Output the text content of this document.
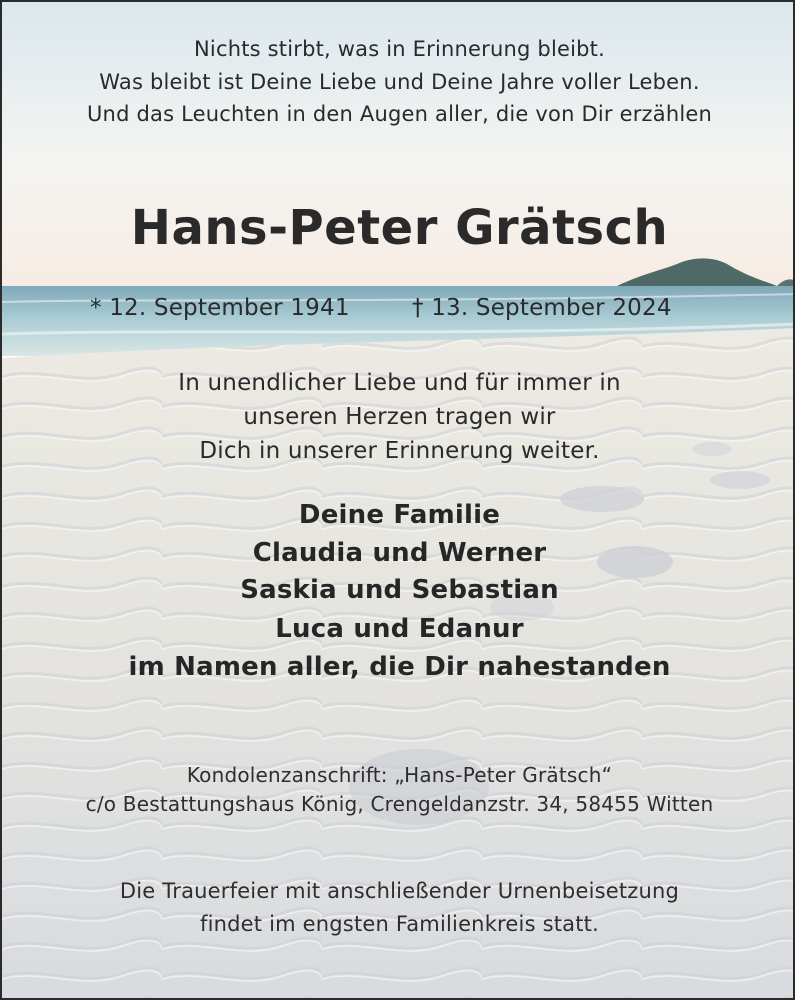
Nichts stirbt, was in Erinnerung bleibt.
Was bleibt ist Deine Liebe und Deine Jahre voller Leben.
Und das Leuchten in den Augen aller, die von Dir erzählen
Hans-Peter Grätsch
* 12. September 1941	† 13. September 2024
In unendlicher Liebe und für immer in
unseren Herzen tragen wir
Dich in unserer Erinnerung weiter.
Deine Familie
Claudia und Werner
Saskia und Sebastian
Luca und Edanur
im Namen aller, die Dir nahestanden
Kondolenzanschrift: „Hans-Peter Grätsch“
c/o Bestattungshaus König, Crengeldanzstr. 34, 58455 Witten
Die Trauerfeier mit anschließender Urnenbeisetzung
findet im engsten Familienkreis statt.
